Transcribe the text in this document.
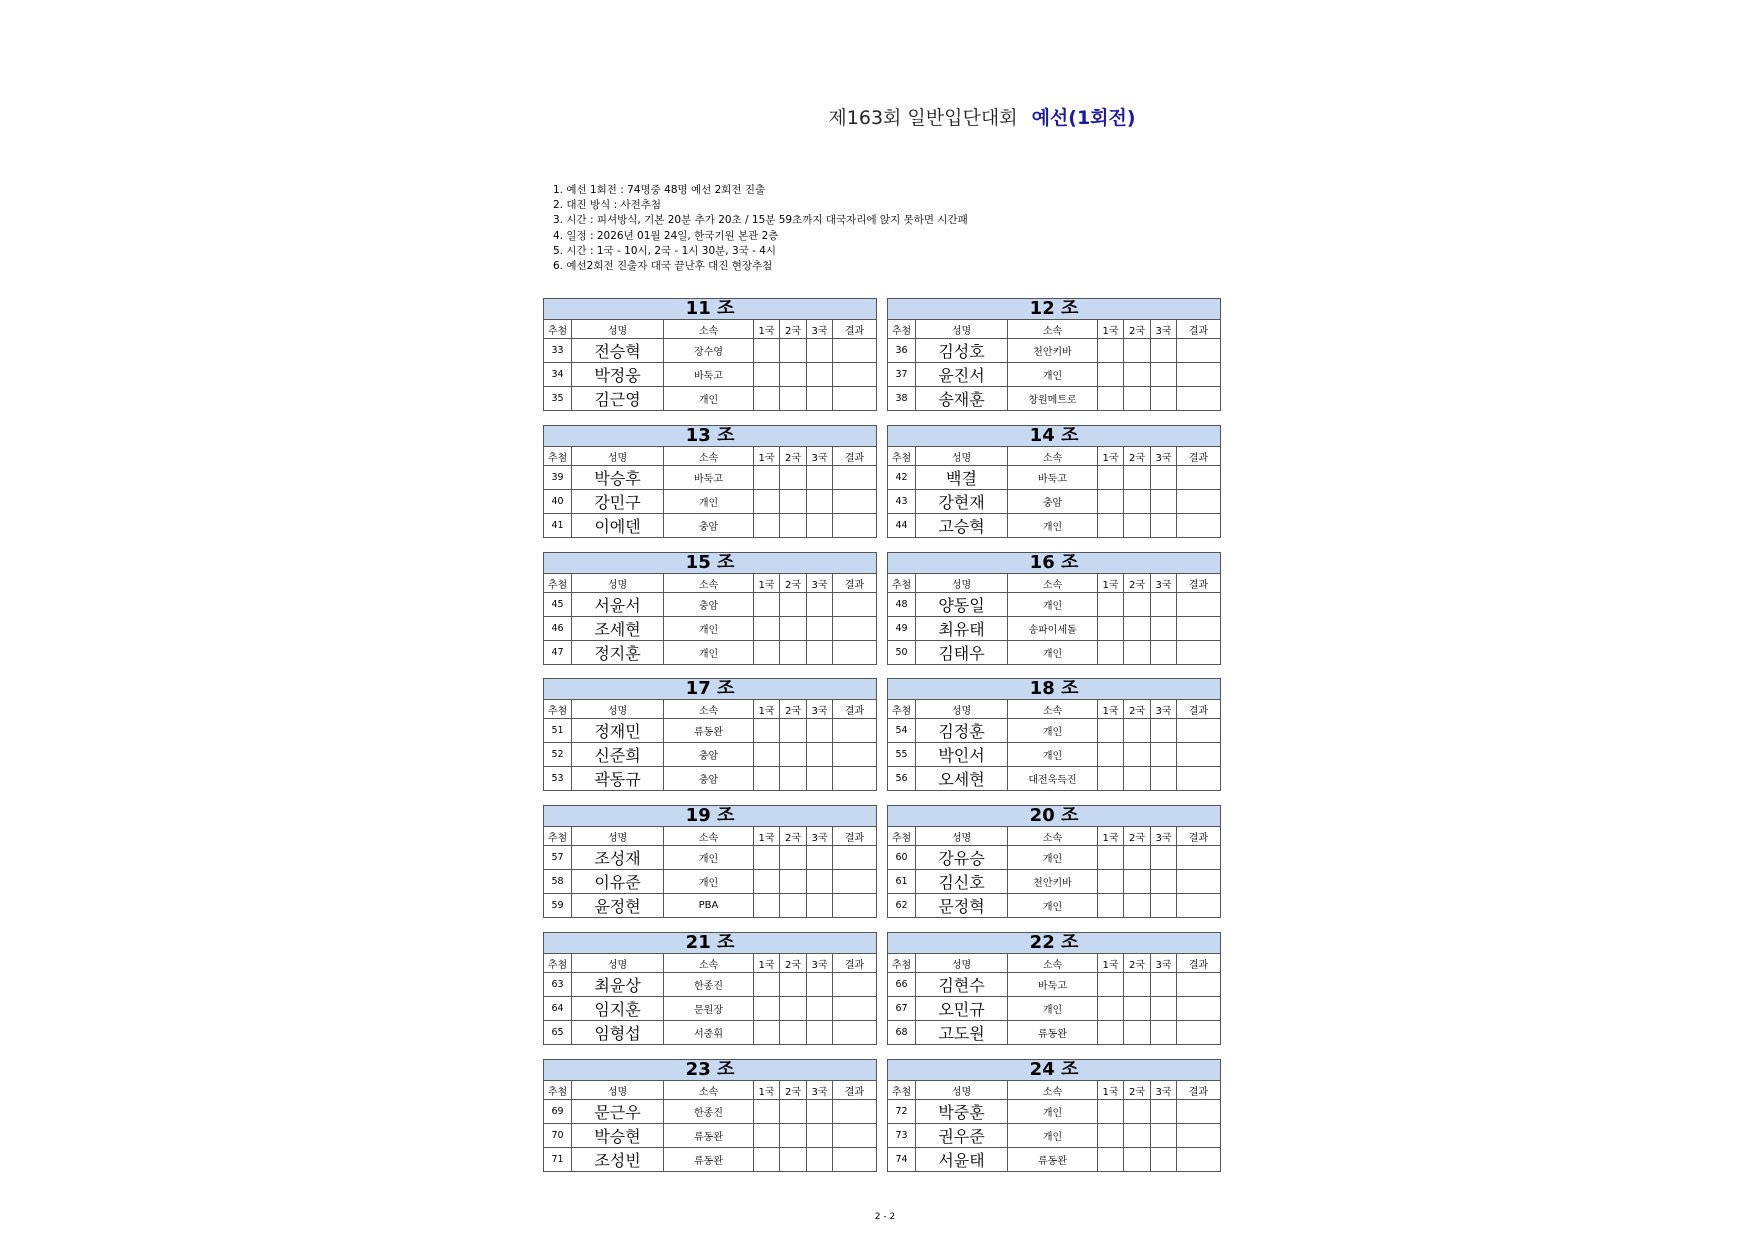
제163회 일반입단대회 예선(1회전)
1. 예선 1회전 : 74명중 48명 예선 2회전 진출
2. 대진 방식 : 사전추첨
3. 시간 : 피셔방식, 기본 20분 추가 20초 / 15분 59초까지 대국자리에 앉지 못하면 시간패
4. 일정 : 2026년 01월 24일, 한국기원 본관 2층
5. 시간 : 1국 - 10시, 2국 - 1시 30분, 3국 - 4시
6. 예선2회전 진출자 대국 끝난후 대진 현장추첨
11 조						
추첨	성명	소속	1국	2국	3국	결과
33	전승혁	장수영				
34	박정웅	바둑고				
35	김근영	개인				
12 조						
추첨	성명	소속	1국	2국	3국	결과
36	김성호	천안키바				
37	윤진서	개인				
38	송재훈	창원메트로				
13 조						
추첨	성명	소속	1국	2국	3국	결과
39	박승후	바둑고				
40	강민구	개인				
41	이에덴	충암				
14 조						
추첨	성명	소속	1국	2국	3국	결과
42	백결	바둑고				
43	강현재	충암				
44	고승혁	개인				
15 조						
추첨	성명	소속	1국	2국	3국	결과
45	서윤서	충암				
46	조세현	개인				
47	정지훈	개인				
16 조						
추첨	성명	소속	1국	2국	3국	결과
48	양동일	개인				
49	최유태	송파이세돌				
50	김태우	개인				
17 조						
추첨	성명	소속	1국	2국	3국	결과
51	정재민	류동완				
52	신준희	충암				
53	곽동규	충암				
18 조						
추첨	성명	소속	1국	2국	3국	결과
54	김정훈	개인				
55	박인서	개인				
56	오세현	대전욱득진				
19 조						
추첨	성명	소속	1국	2국	3국	결과
57	조성재	개인				
58	이유준	개인				
59	윤정현	PBA				
20 조						
추첨	성명	소속	1국	2국	3국	결과
60	강유승	개인				
61	김신호	천안키바				
62	문정혁	개인				
21 조						
추첨	성명	소속	1국	2국	3국	결과
63	최윤상	한종진				
64	임지훈	문원장				
65	임형섭	서중휘				
22 조						
추첨	성명	소속	1국	2국	3국	결과
66	김현수	바둑고				
67	오민규	개인				
68	고도원	류동완				
23 조						
추첨	성명	소속	1국	2국	3국	결과
69	문근우	한종진				
70	박승현	류동완				
71	조성빈	류동완				
24 조						
추첨	성명	소속	1국	2국	3국	결과
72	박중훈	개인				
73	권우준	개인				
74	서윤태	류동완				
2 - 2
